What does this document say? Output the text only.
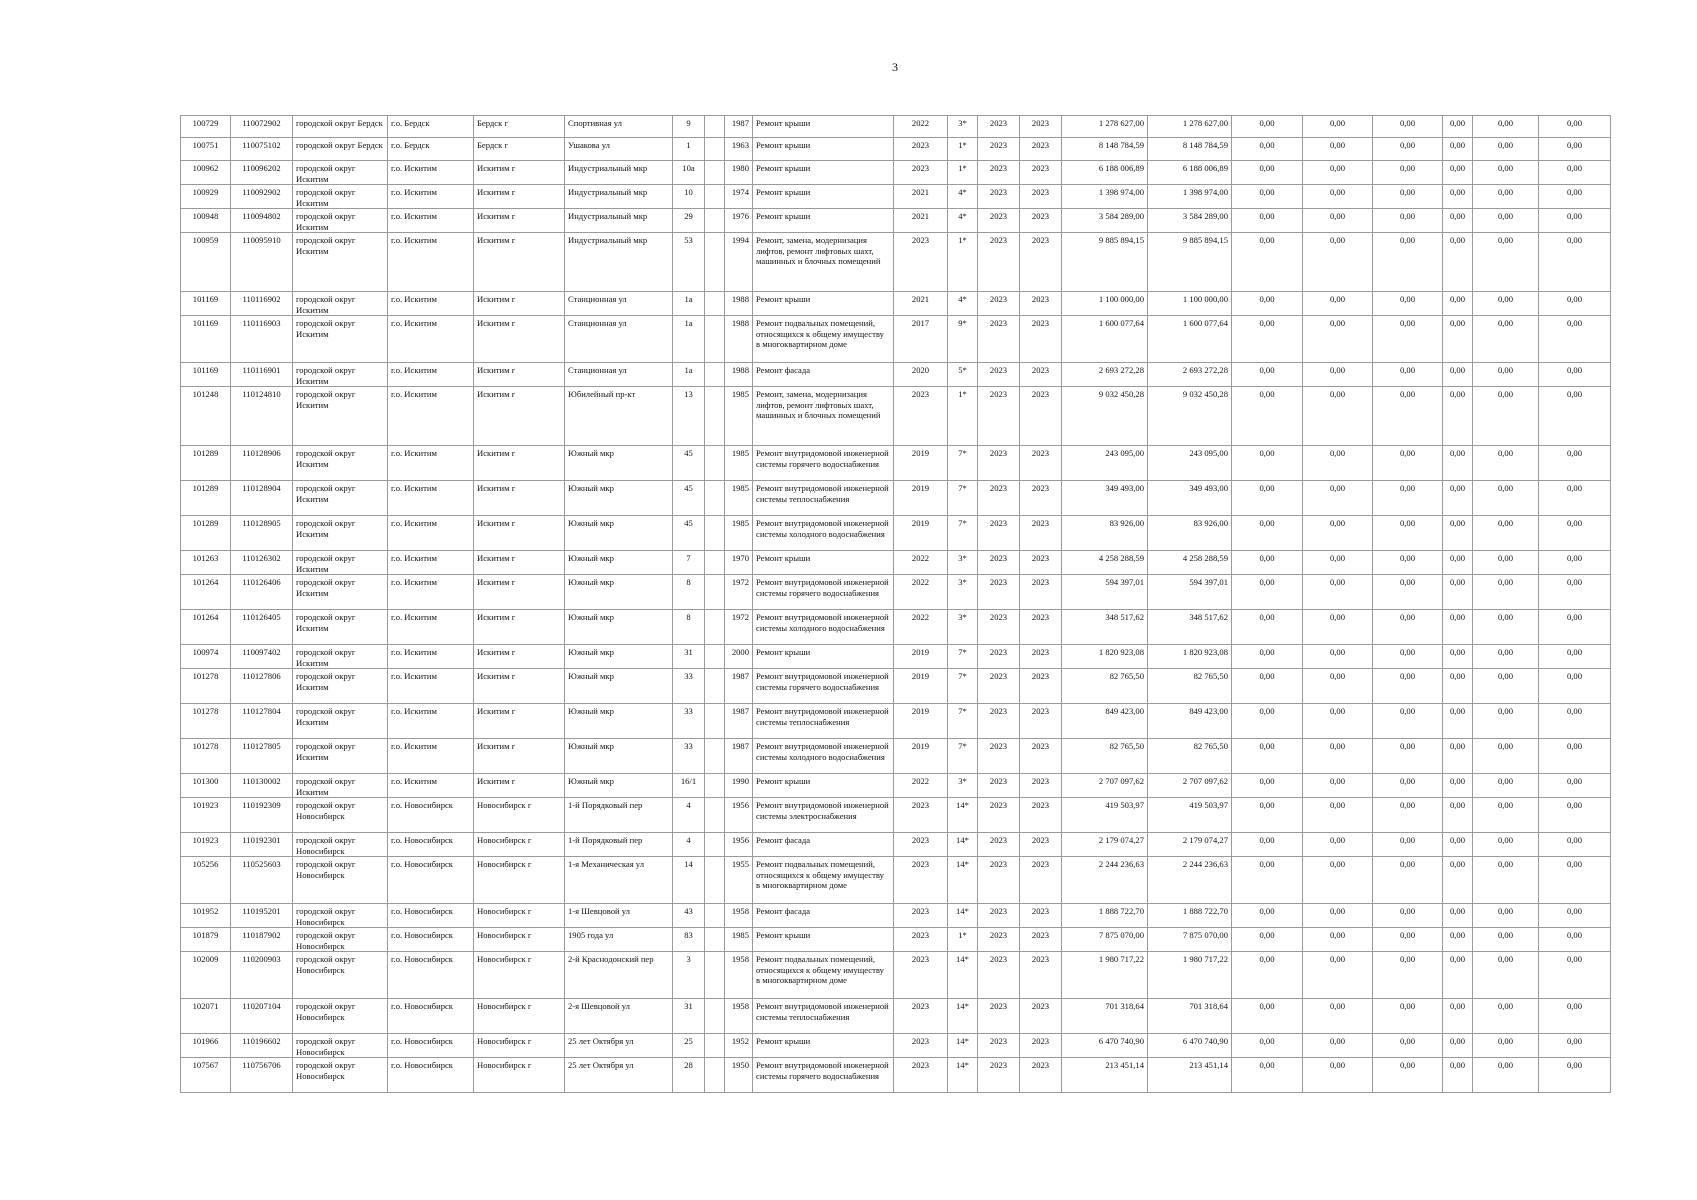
3
100729	110072902	городской округ Бердск	г.о. Бердск	Бердск г	Спортивная ул	9		1987	Ремонт крыши	2022	3*	2023	2023	1 278 627,00	1 278 627,00	0,00	0,00	0,00	0,00	0,00	0,00
100751	110075102	городской округ Бердск	г.о. Бердск	Бердск г	Ушакова ул	1		1963	Ремонт крыши	2023	1*	2023	2023	8 148 784,59	8 148 784,59	0,00	0,00	0,00	0,00	0,00	0,00
100962	110096202	городской округ Искитим	г.о. Искитим	Искитим г	Индустриальный мкр	10а		1980	Ремонт крыши	2023	1*	2023	2023	6 188 006,89	6 188 006,89	0,00	0,00	0,00	0,00	0,00	0,00
100929	110092902	городской округ Искитим	г.о. Искитим	Искитим г	Индустриальный мкр	10		1974	Ремонт крыши	2021	4*	2023	2023	1 398 974,00	1 398 974,00	0,00	0,00	0,00	0,00	0,00	0,00
100948	110094802	городской округ Искитим	г.о. Искитим	Искитим г	Индустриальный мкр	29		1976	Ремонт крыши	2021	4*	2023	2023	3 584 289,00	3 584 289,00	0,00	0,00	0,00	0,00	0,00	0,00
100959	110095910	городской округ Искитим	г.о. Искитим	Искитим г	Индустриальный мкр	53		1994	Ремонт, замена, модернизация лифтов, ремонт лифтовых шахт, машинных и блочных помещений	2023	1*	2023	2023	9 885 894,15	9 885 894,15	0,00	0,00	0,00	0,00	0,00	0,00
101169	110116902	городской округ Искитим	г.о. Искитим	Искитим г	Станционная ул	1а		1988	Ремонт крыши	2021	4*	2023	2023	1 100 000,00	1 100 000,00	0,00	0,00	0,00	0,00	0,00	0,00
101169	110116903	городской округ Искитим	г.о. Искитим	Искитим г	Станционная ул	1а		1988	Ремонт подвальных помещений, относящихся к общему имуществу в многоквартирном доме	2017	9*	2023	2023	1 600 077,64	1 600 077,64	0,00	0,00	0,00	0,00	0,00	0,00
101169	110116901	городской округ Искитим	г.о. Искитим	Искитим г	Станционная ул	1а		1988	Ремонт фасада	2020	5*	2023	2023	2 693 272,28	2 693 272,28	0,00	0,00	0,00	0,00	0,00	0,00
101248	110124810	городской округ Искитим	г.о. Искитим	Искитим г	Юбилейный пр-кт	13		1985	Ремонт, замена, модернизация лифтов, ремонт лифтовых шахт, машинных и блочных помещений	2023	1*	2023	2023	9 032 450,28	9 032 450,28	0,00	0,00	0,00	0,00	0,00	0,00
101289	110128906	городской округ Искитим	г.о. Искитим	Искитим г	Южный мкр	45		1985	Ремонт внутридомовой инженерной системы горячего водоснабжения	2019	7*	2023	2023	243 095,00	243 095,00	0,00	0,00	0,00	0,00	0,00	0,00
101289	110128904	городской округ Искитим	г.о. Искитим	Искитим г	Южный мкр	45		1985	Ремонт внутридомовой инженерной системы теплоснабжения	2019	7*	2023	2023	349 493,00	349 493,00	0,00	0,00	0,00	0,00	0,00	0,00
101289	110128905	городской округ Искитим	г.о. Искитим	Искитим г	Южный мкр	45		1985	Ремонт внутридомовой инженерной системы холодного водоснабжения	2019	7*	2023	2023	83 926,00	83 926,00	0,00	0,00	0,00	0,00	0,00	0,00
101263	110126302	городской округ Искитим	г.о. Искитим	Искитим г	Южный мкр	7		1970	Ремонт крыши	2022	3*	2023	2023	4 258 288,59	4 258 288,59	0,00	0,00	0,00	0,00	0,00	0,00
101264	110126406	городской округ Искитим	г.о. Искитим	Искитим г	Южный мкр	8		1972	Ремонт внутридомовой инженерной системы горячего водоснабжения	2022	3*	2023	2023	594 397,01	594 397,01	0,00	0,00	0,00	0,00	0,00	0,00
101264	110126405	городской округ Искитим	г.о. Искитим	Искитим г	Южный мкр	8		1972	Ремонт внутридомовой инженерной системы холодного водоснабжения	2022	3*	2023	2023	348 517,62	348 517,62	0,00	0,00	0,00	0,00	0,00	0,00
100974	110097402	городской округ Искитим	г.о. Искитим	Искитим г	Южный мкр	31		2000	Ремонт крыши	2019	7*	2023	2023	1 820 923,08	1 820 923,08	0,00	0,00	0,00	0,00	0,00	0,00
101278	110127806	городской округ Искитим	г.о. Искитим	Искитим г	Южный мкр	33		1987	Ремонт внутридомовой инженерной системы горячего водоснабжения	2019	7*	2023	2023	82 765,50	82 765,50	0,00	0,00	0,00	0,00	0,00	0,00
101278	110127804	городской округ Искитим	г.о. Искитим	Искитим г	Южный мкр	33		1987	Ремонт внутридомовой инженерной системы теплоснабжения	2019	7*	2023	2023	849 423,00	849 423,00	0,00	0,00	0,00	0,00	0,00	0,00
101278	110127805	городской округ Искитим	г.о. Искитим	Искитим г	Южный мкр	33		1987	Ремонт внутридомовой инженерной системы холодного водоснабжения	2019	7*	2023	2023	82 765,50	82 765,50	0,00	0,00	0,00	0,00	0,00	0,00
101300	110130002	городской округ Искитим	г.о. Искитим	Искитим г	Южный мкр	16/1		1990	Ремонт крыши	2022	3*	2023	2023	2 707 097,62	2 707 097,62	0,00	0,00	0,00	0,00	0,00	0,00
101923	110192309	городской округ Новосибирск	г.о. Новосибирск	Новосибирск г	1-й Порядковый пер	4		1956	Ремонт внутридомовой инженерной системы электроснабжения	2023	14*	2023	2023	419 503,97	419 503,97	0,00	0,00	0,00	0,00	0,00	0,00
101923	110192301	городской округ Новосибирск	г.о. Новосибирск	Новосибирск г	1-й Порядковый пер	4		1956	Ремонт фасада	2023	14*	2023	2023	2 179 074,27	2 179 074,27	0,00	0,00	0,00	0,00	0,00	0,00
105256	110525603	городской округ Новосибирск	г.о. Новосибирск	Новосибирск г	1-я Механическая ул	14		1955	Ремонт подвальных помещений, относящихся к общему имуществу в многоквартирном доме	2023	14*	2023	2023	2 244 236,63	2 244 236,63	0,00	0,00	0,00	0,00	0,00	0,00
101952	110195201	городской округ Новосибирск	г.о. Новосибирск	Новосибирск г	1-я Шевцовой ул	43		1958	Ремонт фасада	2023	14*	2023	2023	1 888 722,70	1 888 722,70	0,00	0,00	0,00	0,00	0,00	0,00
101879	110187902	городской округ Новосибирск	г.о. Новосибирск	Новосибирск г	1905 года ул	83		1985	Ремонт крыши	2023	1*	2023	2023	7 875 070,00	7 875 070,00	0,00	0,00	0,00	0,00	0,00	0,00
102009	110200903	городской округ Новосибирск	г.о. Новосибирск	Новосибирск г	2-й Краснодонский пер	3		1958	Ремонт подвальных помещений, относящихся к общему имуществу в многоквартирном доме	2023	14*	2023	2023	1 980 717,22	1 980 717,22	0,00	0,00	0,00	0,00	0,00	0,00
102071	110207104	городской округ Новосибирск	г.о. Новосибирск	Новосибирск г	2-я Шевцовой ул	31		1958	Ремонт внутридомовой инженерной системы теплоснабжения	2023	14*	2023	2023	701 318,64	701 318,64	0,00	0,00	0,00	0,00	0,00	0,00
101966	110196602	городской округ Новосибирск	г.о. Новосибирск	Новосибирск г	25 лет Октября ул	25		1952	Ремонт крыши	2023	14*	2023	2023	6 470 740,90	6 470 740,90	0,00	0,00	0,00	0,00	0,00	0,00
107567	110756706	городской округ Новосибирск	г.о. Новосибирск	Новосибирск г	25 лет Октября ул	28		1950	Ремонт внутридомовой инженерной системы горячего водоснабжения	2023	14*	2023	2023	213 451,14	213 451,14	0,00	0,00	0,00	0,00	0,00	0,00
